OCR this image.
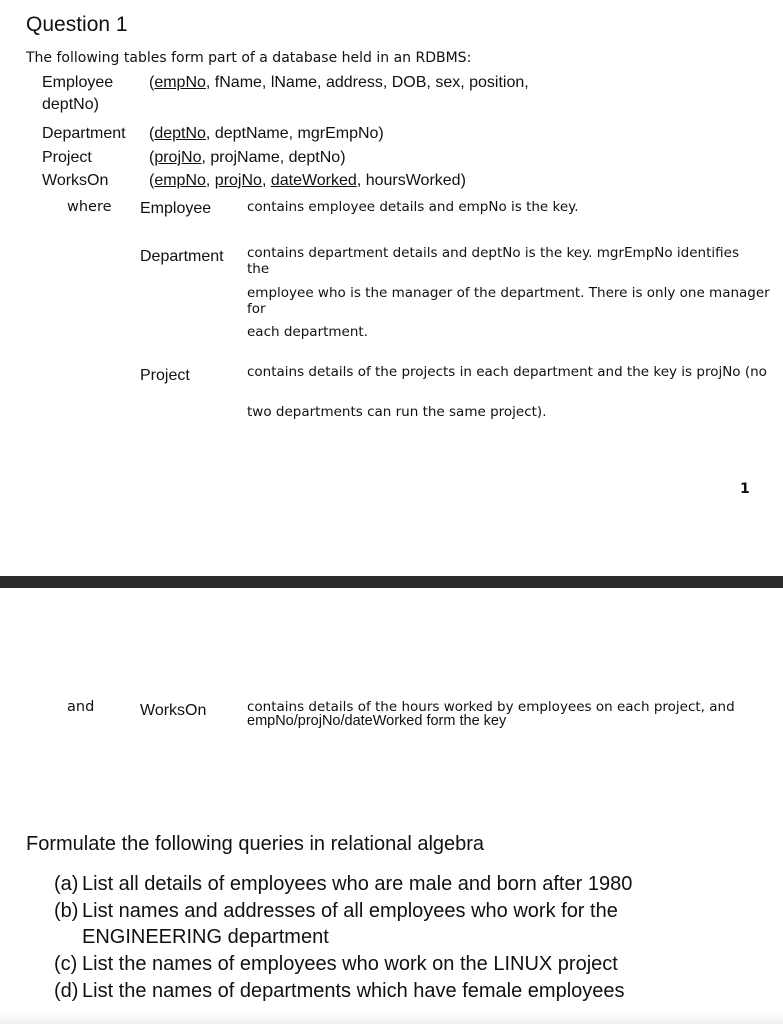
Question 1
The following tables form part of a database held in an RDBMS:
Employee (empNo, fName, lName, address, DOB, sex, position,
deptNo)
Department (deptNo, deptName, mgrEmpNo)
Project	(projNo, projName, deptNo)
WorksOn	(empNo, projNo, dateWorked, hoursWorked)
where Employee	contains employee details and empNo is the key.
Department contains department details and deptNo is the key. mgrEmpNo identifies
the
employee who is the manager of the department. There is only one manager
for
each department.
Project	contains details of the projects in each department and the key is projNo (no
two departments can run the same project).
1
and	WorksOn	contains details of the hours worked by employees on each project, and
empNo/projNo/dateWorked form the key
Formulate the following queries in relational algebra
(a) List all details of employees who are male and born after 1980
(b) List names and addresses of all employees who work for the
ENGINEERING department
(c) List the names of employees who work on the LINUX project
(d) List the names of departments which have female employees
